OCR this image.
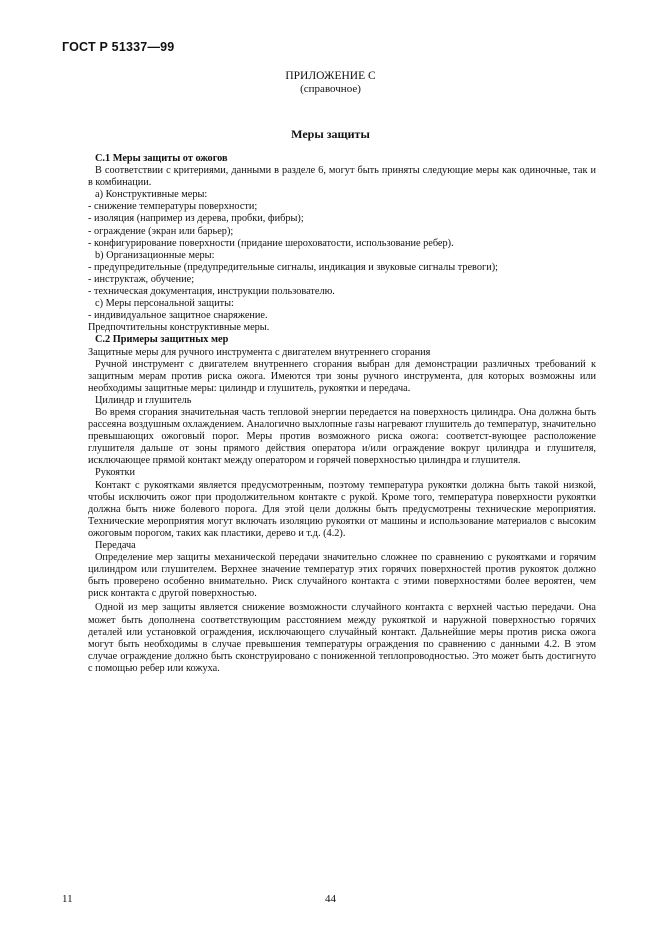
ГОСТ Р 51337—99
ПРИЛОЖЕНИЕ С
(справочное)
Меры защиты

С.1 Меры защиты от ожогов

В соответствии с критериями, данными в разделе 6, могут быть приняты следующие меры как одиночные, так и в комбинации.

a) Конструктивные меры:

- снижение температуры поверхности;

- изоляция (например из дерева, пробки, фибры);

- ограждение (экран или барьер);

- конфигурирование поверхности (придание шероховатости, использование ребер).

b) Организационные меры:

- предупредительные (предупредительные сигналы, индикация и звуковые сигналы тревоги);

- инструктаж, обучение;

- техническая документация, инструкции пользователю.

c) Меры персональной защиты:

- индивидуальное защитное снаряжение.

Предпочтительны конструктивные меры.

С.2 Примеры защитных мер

Защитные меры для ручного инструмента с двигателем внутреннего сгорания

Ручной инструмент с двигателем внутреннего сгорания выбран для демонстрации различных требований к защитным мерам против риска ожога. Имеются три зоны ручного инструмента, для которых возможны или необходимы защитные меры: цилиндр и глушитель, рукоятки и передача.

Цилиндр и глушитель

Во время сгорания значительная часть тепловой энергии передается на поверхность цилиндра. Она должна быть рассеяна воздушным охлаждением. Аналогично выхлопные газы нагревают глушитель до температур, значительно превышающих ожоговый порог. Меры против возможного риска ожога: соответст-вующее расположение глушителя дальше от зоны прямого действия оператора и/или ограждение вокруг цилиндра и глушителя, исключающее прямой контакт между оператором и горячей поверхностью цилиндра и глушителя.

Рукоятки

Контакт с рукоятками является предусмотренным, поэтому температура рукоятки должна быть такой низкой, чтобы исключить ожог при продолжительном контакте с рукой. Кроме того, температура поверхности рукоятки должна быть ниже болевого порога. Для этой цели должны быть предусмотрены технические мероприятия. Технические мероприятия могут включать изоляцию рукоятки от машины и использование материалов с высоким ожоговым порогом, таких как пластики, дерево и т.д. (4.2).

Передача

Определение мер защиты механической передачи значительно сложнее по сравнению с рукоятками и горячим цилиндром или глушителем. Верхнее значение температур этих горячих поверхностей против рукояток должно быть проверено особенно внимательно. Риск случайного контакта с этими поверхностями более вероятен, чем риск контакта с другой поверхностью.

Одной из мер защиты является снижение возможности случайного контакта с верхней частью передачи. Она может быть дополнена соответствующим расстоянием между рукояткой и наружной поверхностью горячих деталей или установкой ограждения, исключающего случайный контакт. Дальнейшие меры против риска ожога могут быть необходимы в случае превышения температуры ограждения по сравнению с данными 4.2. В этом случае ограждение должно быть сконструировано с пониженной теплопроводностью. Это может быть достигнуто с помощью ребер или кожуха.

11	44
